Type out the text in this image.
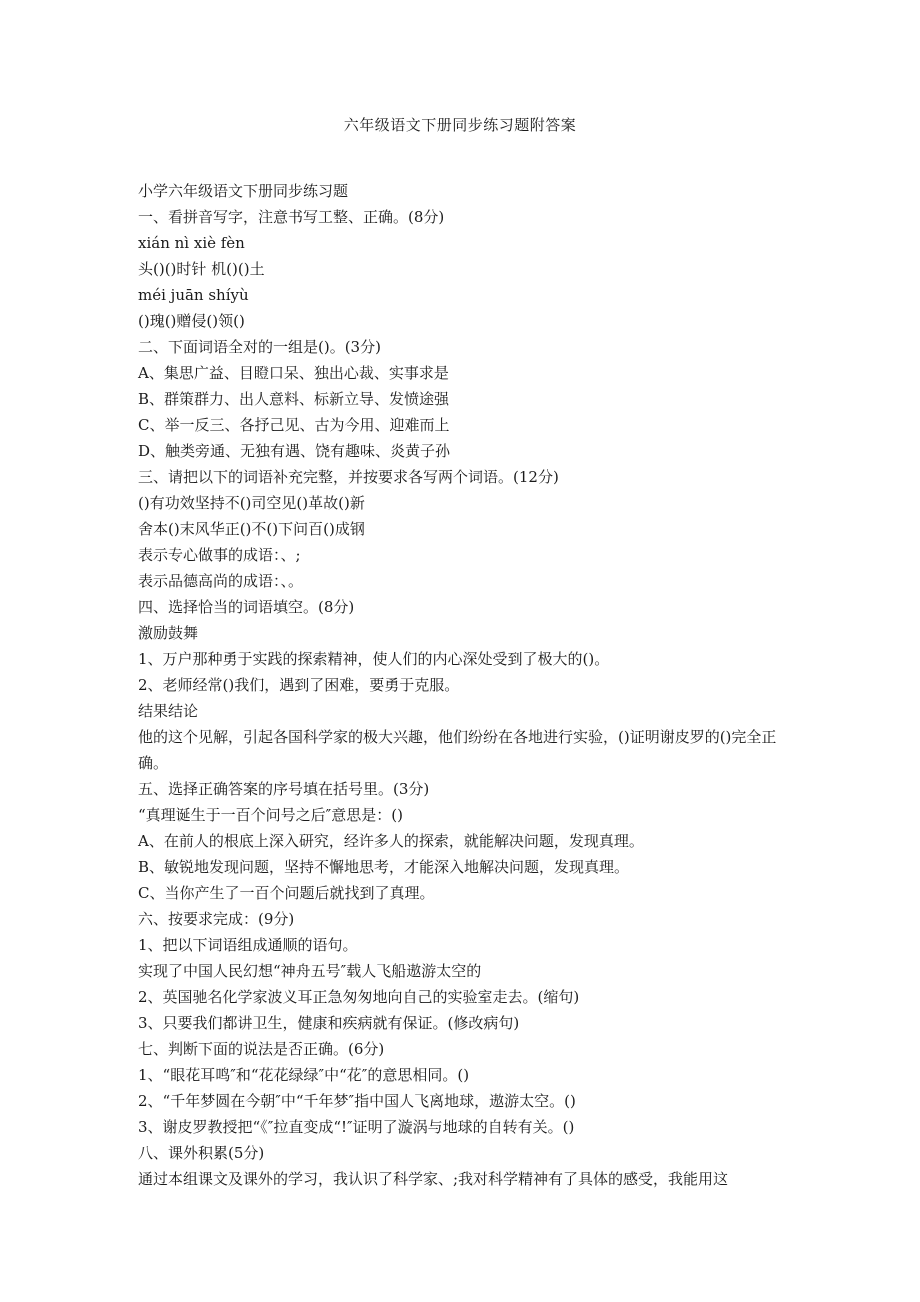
六年级语文下册同步练习题附答案
小学六年级语文下册同步练习题
一、看拼音写字，注意书写工整、正确。(8分)
xián nì xiè fèn
头()()时针 机()()土
méi juān shíyù
()瑰()赠侵()领()
二、下面词语全对的一组是()。(3分)
A、集思广益、目瞪口呆、独出心裁、实事求是
B、群策群力、出人意料、标新立导、发愤途强
C、举一反三、各抒己见、古为今用、迎难而上
D、触类旁通、无独有遇、饶有趣味、炎黄子孙
三、请把以下的词语补充完整，并按要求各写两个词语。(12分)
()有功效坚持不()司空见()革故()新
舍本()末风华正()不()下问百()成钢
表示专心做事的成语：、;
表示品德高尚的成语：、。
四、选择恰当的词语填空。(8分)
激励鼓舞
1、万户那种勇于实践的探索精神，使人们的内心深处受到了极大的()。
2、老师经常()我们，遇到了困难，要勇于克服。
结果结论
他的这个见解，引起各国科学家的极大兴趣，他们纷纷在各地进行实验，()证明谢皮罗的()完全正确。
五、选择正确答案的序号填在括号里。(3分)
“真理诞生于一百个问号之后″意思是：()
A、在前人的根底上深入研究，经许多人的探索，就能解决问题，发现真理。
B、敏锐地发现问题，坚持不懈地思考，才能深入地解决问题，发现真理。
C、当你产生了一百个问题后就找到了真理。
六、按要求完成：(9分)
1、把以下词语组成通顺的语句。
实现了中国人民幻想“神舟五号″载人飞船遨游太空的
2、英国驰名化学家波义耳正急匆匆地向自己的实验室走去。(缩句)
3、只要我们都讲卫生，健康和疾病就有保证。(修改病句)
七、判断下面的说法是否正确。(6分)
1、“眼花耳鸣″和“花花绿绿″中“花″的意思相同。()
2、“千年梦圆在今朝″中“千年梦″指中国人飞离地球，遨游太空。()
3、谢皮罗教授把“《″拉直变成“!″证明了漩涡与地球的自转有关。()
八、课外积累(5分)
通过本组课文及课外的学习，我认识了科学家、;我对科学精神有了具体的感受，我能用这
